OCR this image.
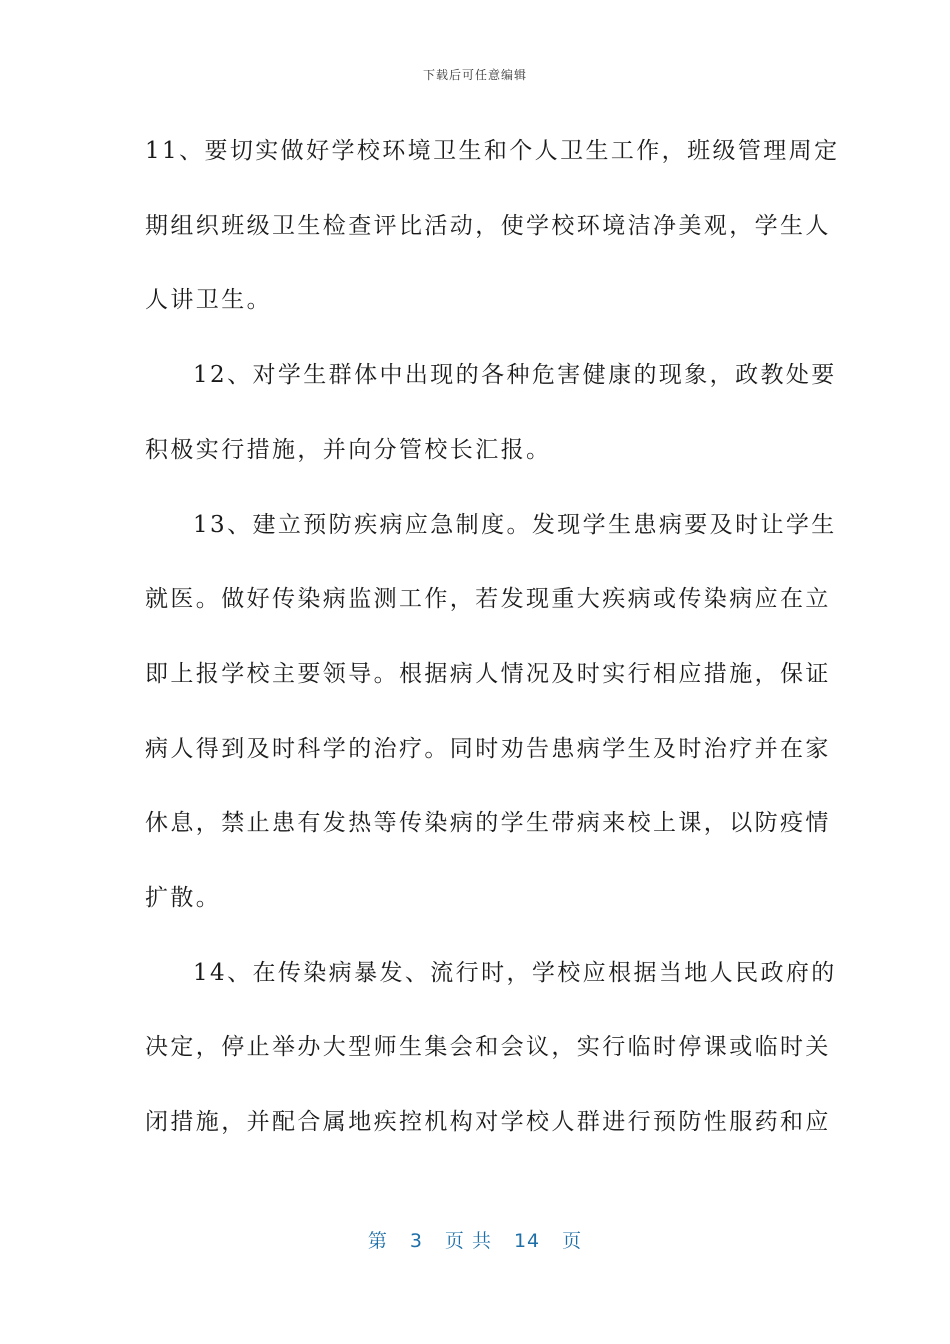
下载后可任意编辑

11、要切实做好学校环境卫生和个人卫生工作，班级管理周定
期组织班级卫生检查评比活动，使学校环境洁净美观，学生人
人讲卫生。

12、对学生群体中出现的各种危害健康的现象，政教处要
积极实行措施，并向分管校长汇报。

13、建立预防疾病应急制度。发现学生患病要及时让学生
就医。做好传染病监测工作，若发现重大疾病或传染病应在立
即上报学校主要领导。根据病人情况及时实行相应措施，保证
病人得到及时科学的治疗。同时劝告患病学生及时治疗并在家
休息，禁止患有发热等传染病的学生带病来校上课，以防疫情
扩散。

14、在传染病暴发、流行时，学校应根据当地人民政府的
决定，停止举办大型师生集会和会议，实行临时停课或临时关
闭措施，并配合属地疾控机构对学校人群进行预防性服药和应

第 3 页 共 14 页
